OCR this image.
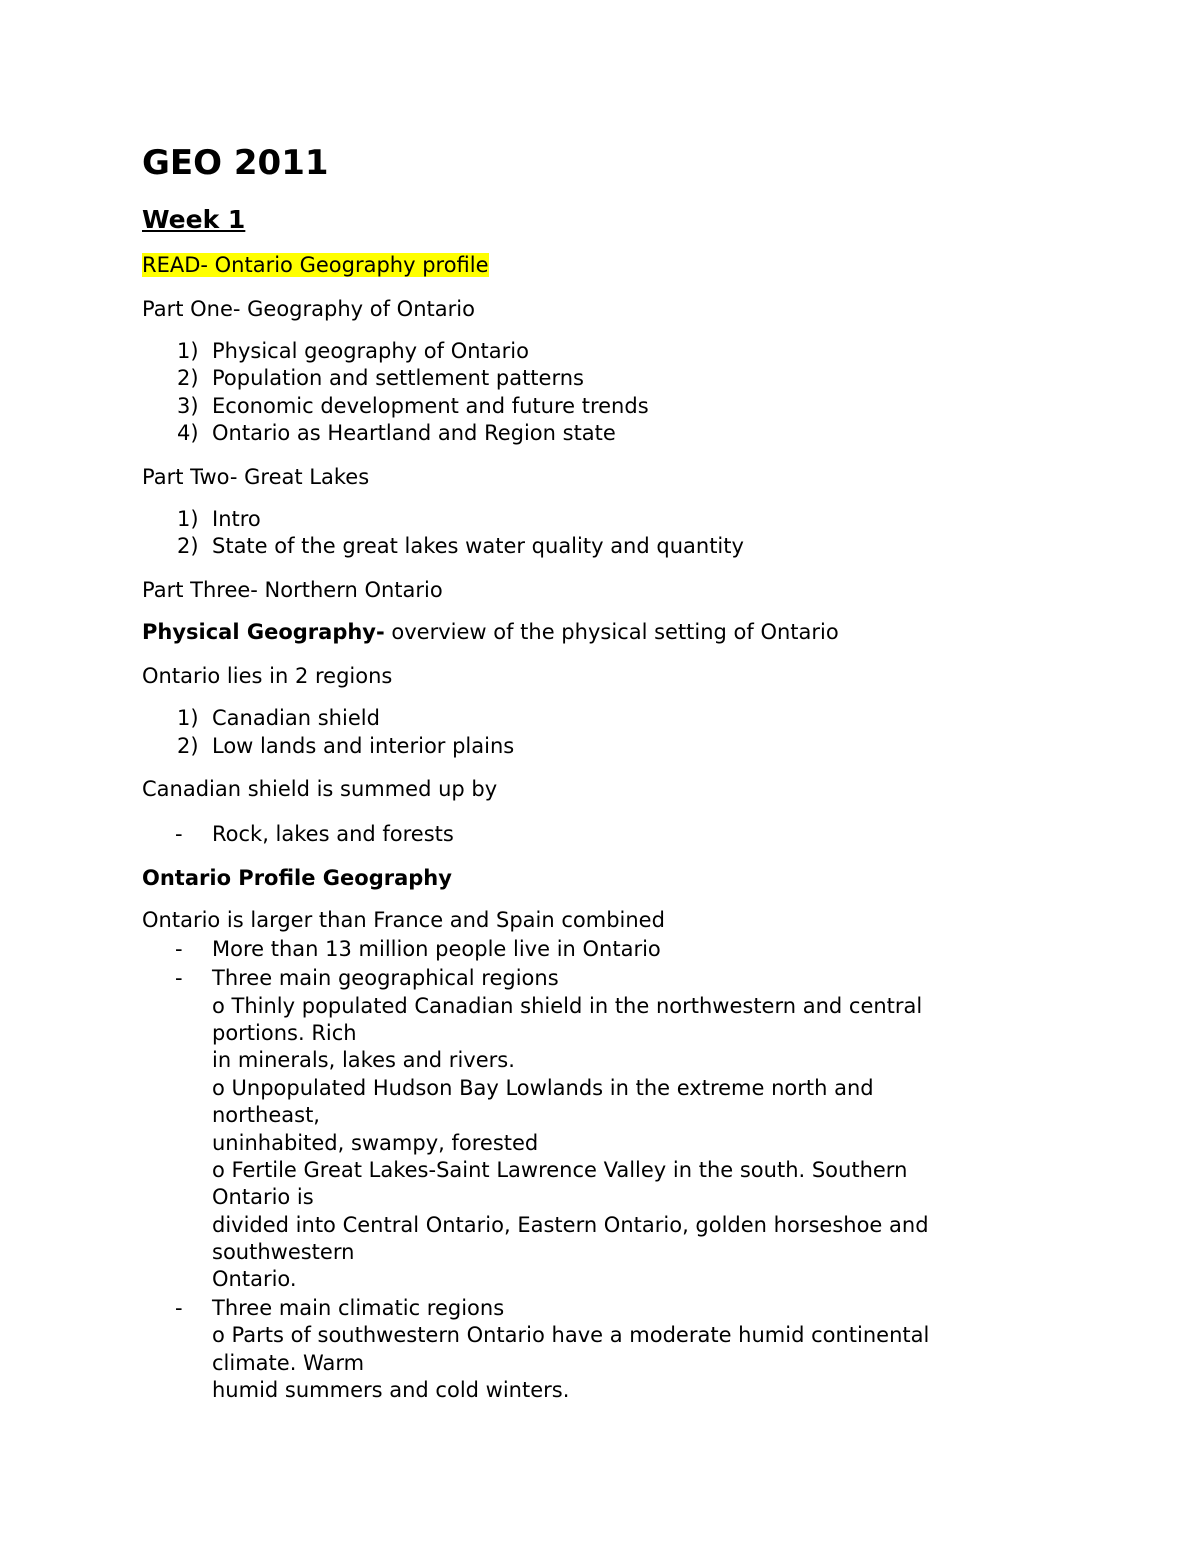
GEO 2011
Week 1
READ- Ontario Geography profile
Part One- Geography of Ontario
1) Physical geography of Ontario
2) Population and settlement patterns
3) Economic development and future trends
4) Ontario as Heartland and Region state
Part Two- Great Lakes
1) Intro
2) State of the great lakes water quality and quantity
Part Three- Northern Ontario
Physical Geography- overview of the physical setting of Ontario
Ontario lies in 2 regions
1) Canadian shield
2) Low lands and interior plains
Canadian shield is summed up by
- Rock, lakes and forests
Ontario Profile Geography
Ontario is larger than France and Spain combined
- More than 13 million people live in Ontario
- Three main geographical regions
o Thinly populated Canadian shield in the northwestern and central
portions. Rich
in minerals, lakes and rivers.
o Unpopulated Hudson Bay Lowlands in the extreme north and
northeast,
uninhabited, swampy, forested
o Fertile Great Lakes-Saint Lawrence Valley in the south. Southern
Ontario is
divided into Central Ontario, Eastern Ontario, golden horseshoe and
southwestern
Ontario.
- Three main climatic regions
o Parts of southwestern Ontario have a moderate humid continental
climate. Warm
humid summers and cold winters.
